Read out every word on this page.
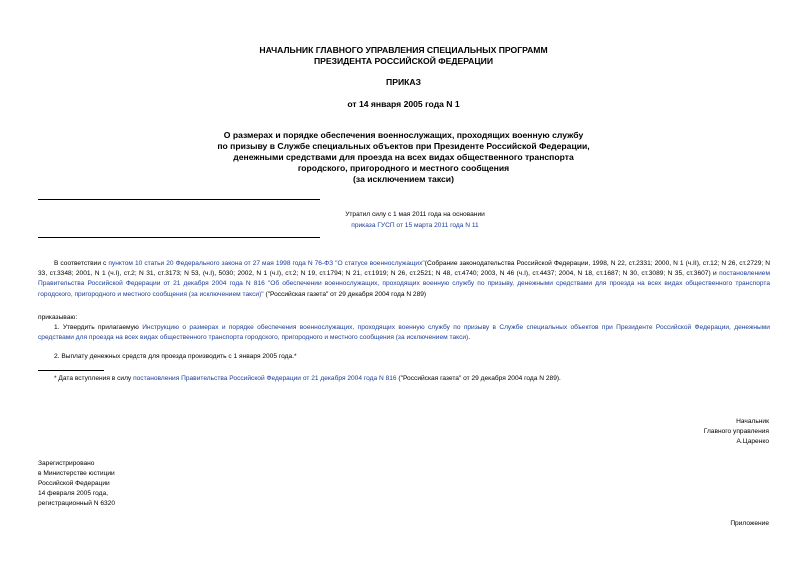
НАЧАЛЬНИК ГЛАВНОГО УПРАВЛЕНИЯ СПЕЦИАЛЬНЫХ ПРОГРАММ
ПРЕЗИДЕНТА РОССИЙСКОЙ ФЕДЕРАЦИИ
ПРИКАЗ
от 14 января 2005 года N 1
О размерах и порядке обеспечения военнослужащих, проходящих военную службу
по призыву в Службе специальных объектов при Президенте Российской Федерации,
денежными средствами для проезда на всех видах общественного транспорта
городского, пригородного и местного сообщения
(за исключением такси)
Утратил силу с 1 мая 2011 года на основании
приказа ГУСП от 15 марта 2011 года N 11
В соответствии с пунктом 10 статьи 20 Федерального закона от 27 мая 1998 года N 76-ФЗ "О статусе военнослужащих"(Собрание законодательства Российской Федерации, 1998, N 22, ст.2331; 2000, N 1 (ч.II), ст.12; N 26, ст.2729; N 33, ст.3348; 2001, N 1 (ч.I), ст.2; N 31, ст.3173; N 53, (ч.I), 5030; 2002, N 1 (ч.I), ст.2; N 19, ст.1794; N 21, ст.1919; N 26, ст.2521; N 48, ст.4740; 2003, N 46 (ч.I), ст.4437; 2004, N 18, ст.1687; N 30, ст.3089; N 35, ст.3607) и постановлением Правительства Российской Федерации от 21 декабря 2004 года N 816 "Об обеспечении военнослужащих, проходящих военную службу по призыву, денежными средствами для проезда на всех видах общественного транспорта городского, пригородного и местного сообщения (за исключением такси)" ("Российская газета" от 29 декабря 2004 года N 289)
приказываю:
1. Утвердить прилагаемую Инструкцию о размерах и порядке обеспечения военнослужащих, проходящих военную службу по призыву в Службе специальных объектов при Президенте Российской Федерации, денежными средствами для проезда на всех видах общественного транспорта городского, пригородного и местного сообщения (за исключением такси).
2. Выплату денежных средств для проезда производить с 1 января 2005 года.*
* Дата вступления в силу постановления Правительства Российской Федерации от 21 декабря 2004 года N 816 ("Российская газета" от 29 декабря 2004 года N 289).
Начальник
Главного управления
А.Царенко
Зарегистрировано
в Министерстве юстиции
Российской Федерации
14 февраля 2005 года,
регистрационный N 6320
Приложение
